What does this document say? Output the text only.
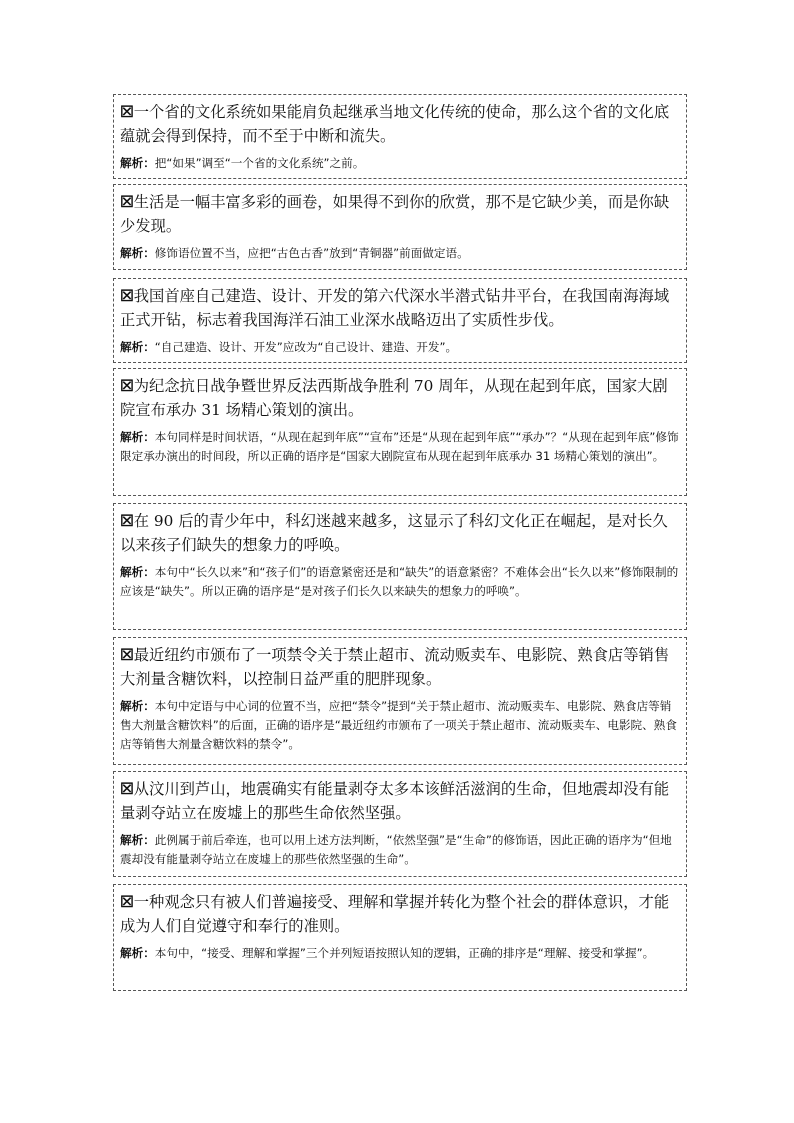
☒一个省的文化系统如果能肩负起继承当地文化传统的使命，那么这个省的文化底蕴就会得到保持，而不至于中断和流失。

解析：把“如果”调至“一个省的文化系统”之前。

☒生活是一幅丰富多彩的画卷，如果得不到你的欣赏，那不是它缺少美，而是你缺少发现。

解析：修饰语位置不当，应把“古色古香”放到“青铜器”前面做定语。

☒我国首座自己建造、设计、开发的第六代深水半潜式钻井平台，在我国南海海域正式开钻，标志着我国海洋石油工业深水战略迈出了实质性步伐。

解析：“自己建造、设计、开发”应改为“自己设计、建造、开发”。

☒为纪念抗日战争暨世界反法西斯战争胜利 70 周年，从现在起到年底，国家大剧院宣布承办 31 场精心策划的演出。

解析：本句同样是时间状语，“从现在起到年底”“宣布”还是“从现在起到年底”“承办”？“从现在起到年底”修饰限定承办演出的时间段，所以正确的语序是“国家大剧院宣布从现在起到年底承办 31 场精心策划的演出”。

☒在 90 后的青少年中，科幻迷越来越多，这显示了科幻文化正在崛起，是对长久以来孩子们缺失的想象力的呼唤。

解析：本句中“长久以来”和“孩子们”的语意紧密还是和“缺失”的语意紧密？不难体会出“长久以来”修饰限制的应该是“缺失”。所以正确的语序是“是对孩子们长久以来缺失的想象力的呼唤”。

☒最近纽约市颁布了一项禁令关于禁止超市、流动贩卖车、电影院、熟食店等销售大剂量含糖饮料，以控制日益严重的肥胖现象。

解析：本句中定语与中心词的位置不当，应把“禁令”提到“关于禁止超市、流动贩卖车、电影院、熟食店等销售大剂量含糖饮料”的后面，正确的语序是“最近纽约市颁布了一项关于禁止超市、流动贩卖车、电影院、熟食店等销售大剂量含糖饮料的禁令”。

☒从汶川到芦山，地震确实有能量剥夺太多本该鲜活滋润的生命，但地震却没有能量剥夺站立在废墟上的那些生命依然坚强。

解析：此例属于前后牵连，也可以用上述方法判断，“依然坚强”是“生命”的修饰语，因此正确的语序为“但地震却没有能量剥夺站立在废墟上的那些依然坚强的生命”。

☒一种观念只有被人们普遍接受、理解和掌握并转化为整个社会的群体意识，才能成为人们自觉遵守和奉行的准则。

解析：本句中，“接受、理解和掌握”三个并列短语按照认知的逻辑，正确的排序是“理解、接受和掌握”。
